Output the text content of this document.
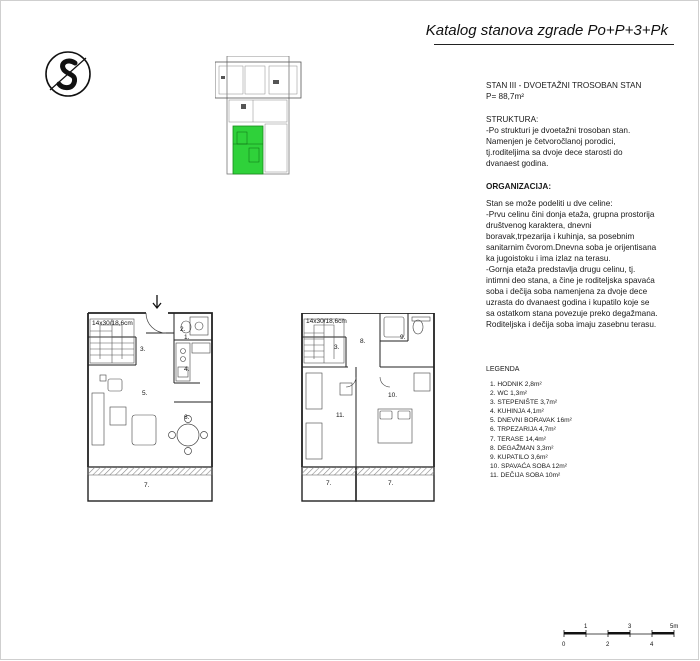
Katalog stanova zgrade Po+P+3+Pk

STAN III - DVOETAŽNI TROSOBAN STAN

P= 88,7m²

STRUKTURA:

-Po strukturi je dvoetažni trosoban stan.

Namenjen je četvoročlanoj porodici,

tj.roditeljima sa dvoje dece starosti do

dvanaest godina.

ORGANIZACIJA:

Stan se može podeliti u dve celine:

-Prvu celinu čini donja etaža, grupna prostorija

društvenog karaktera, dnevni

boravak,trpezarija i kuhinja, sa posebnim

sanitarnim čvorom.Dnevna soba je orijentisana

ka jugoistoku i ima izlaz na terasu.

-Gornja etaža predstavlja drugu celinu, tj.

intimni deo stana, a čine je roditeljska spavaća

soba i dečija soba namenjena za dvoje dece

uzrasta do dvanaest godina i kupatilo koje se

sa ostatkom stana povezuje preko degažmana.

Roditeljska i dečija soba imaju zasebnu terasu.

14x30/18,6cm
1.
2.
3.
4.
5.
6.
7.
14x30/18,6cm
3.
8.
9.
10.
11.
7.	7.
LEGENDA
1. HODNIK 2,8m²
2. WC 1,3m²
3. STEPENIŠTE 3,7m²
4. KUHINJA 4,1m²
5. DNEVNI BORAVAK 16m²
6. TRPEZARIJA 4,7m²
7. TERASE 14,4m²
8. DEGAŽMAN 3,3m²
9. KUPATILO 3,6m²
10. SPAVAĆA SOBA 12m²
11. DEČIJA SOBA 10m²
1	3	5m
0	2	4
